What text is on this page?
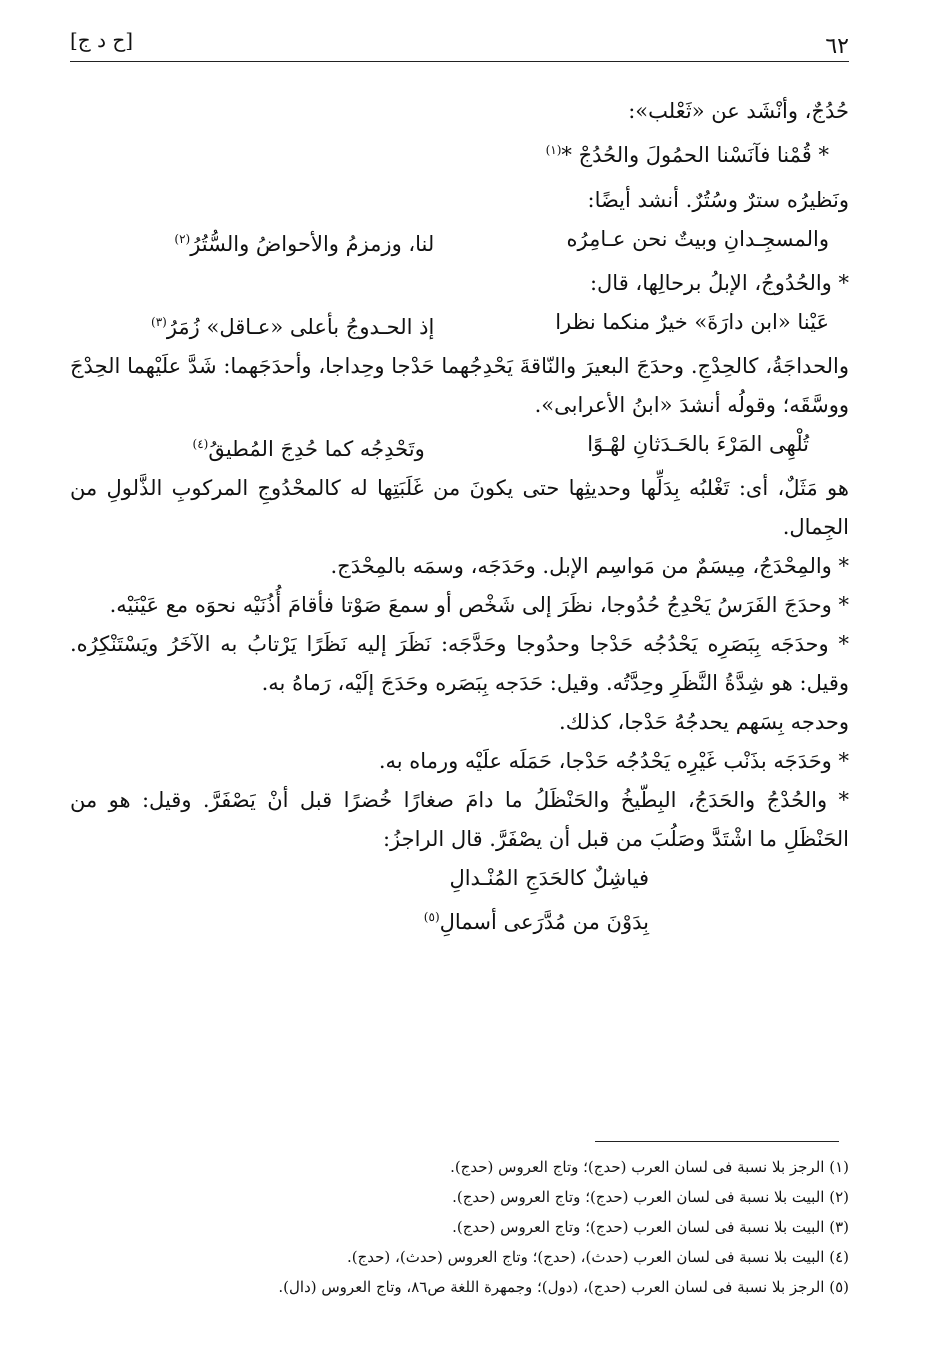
٦٢
[ح د ج]
حُدُجٌ، وأنْشَد عن «ثَعْلب»:
* قُمْنا فآنَسْنا الحمُولَ والحُدُجْ *$^{(١)}$
ونَظيرُه سترٌ وسُتُرٌ. أنشد أيضًا:
والمسجِـدانِ وبيتٌ نحن عـامِرُه
لنا، وزمزمُ والأحواضُ والسُّتُرُ$^{(٢)}$
* والحُدُوجُ، الإبلُ برحالِها، قال:
عَيْنا «ابن دارَةَ» خيرٌ منكما نظرا
إذ الحـدوجُ بأعلى «عـاقل» زُمَرُ$^{(٣)}$
والحداجَةُ، كالحِدْجِ. وحدَجَ البعيرَ والنّاقةَ يَحْدِجُهما حَدْجا وحِداجا، وأحدَجَهما: شَدَّ علَيْهما الحِدْجَ ووسَّقَه؛ وقولُه أنشدَ «ابنُ الأعرابى».
تُلْهِى المَرْءَ بالحَـدَثانِ لهْـوًا
وتَحْدِجُه كما حُدِجَ المُطيقُ$^{(٤)}$
هو مَثَلٌ، أى: تَغْلبُه بِدَلِّها وحديثِها حتى يكونَ من غَلَبَتِها له كالمحْدُوجِ المركوبِ الذَّلولِ من الجِمال.
* والمِحْدَجُ، مِيسَمٌ من مَواسِم الإبل. وحَدَجَه، وسمَه بالمِحْدَج.
* وحدَجَ الفَرَسُ يَحْدِجُ حُدُوجا، نظَرَ إلى شَخْص أو سمعَ صَوْتا فأقامَ أُذُنَيْه نحوَه مع عَيْنَيْه.
* وحدَجَه بِبَصَرِه يَحْدُجُه حَدْجا وحدُوجا وحَدَّجَه: نَظَرَ إليه نَظَرًا يَرْتابُ به الآخَرُ ويَسْتَنْكِرُه. وقيل: هو شِدَّةُ النَّظَرِ وحِدَّتُه. وقيل: حَدَجه بِبَصَره وحَدَجَ إلَيْه، رَماهُ به.
وحدجه بِسَهم يحدجُهُ حَدْجا، كذلك.
* وحَدَجَه بذَنْب غَيْرِه يَحْدُجُه حَدْجا، حَمَلَه علَيْه ورماه به.
* والحُدْجُ والحَدَجُ، البِطّيخُ والحَنْظَلُ ما دامَ صغارًا خُضرًا قبل أنْ يَصْفَرَّ. وقيل: هو من الحَنْظَلِ ما اشْتَدَّ وصَلُبَ من قبل أن يصْفَرَّ. قال الراجزُ:
فياشِلٌ كالحَدَجِ المُنْـدالِ
بِدَوْنَ من مُدَّرَعى أسمالِ$^{(٥)}$
(١) الرجز بلا نسبة فى لسان العرب (حدج)؛ وتاج العروس (حدج).
(٢) البيت بلا نسبة فى لسان العرب (حدج)؛ وتاج العروس (حدج).
(٣) البيت بلا نسبة فى لسان العرب (حدج)؛ وتاج العروس (حدج).
(٤) البيت بلا نسبة فى لسان العرب (حدث)، (حدج)؛ وتاج العروس (حدث)، (حدج).
(٥) الرجز بلا نسبة فى لسان العرب (حدج)، (دول)؛ وجمهرة اللغة ص٨٦، وتاج العروس (دال).
